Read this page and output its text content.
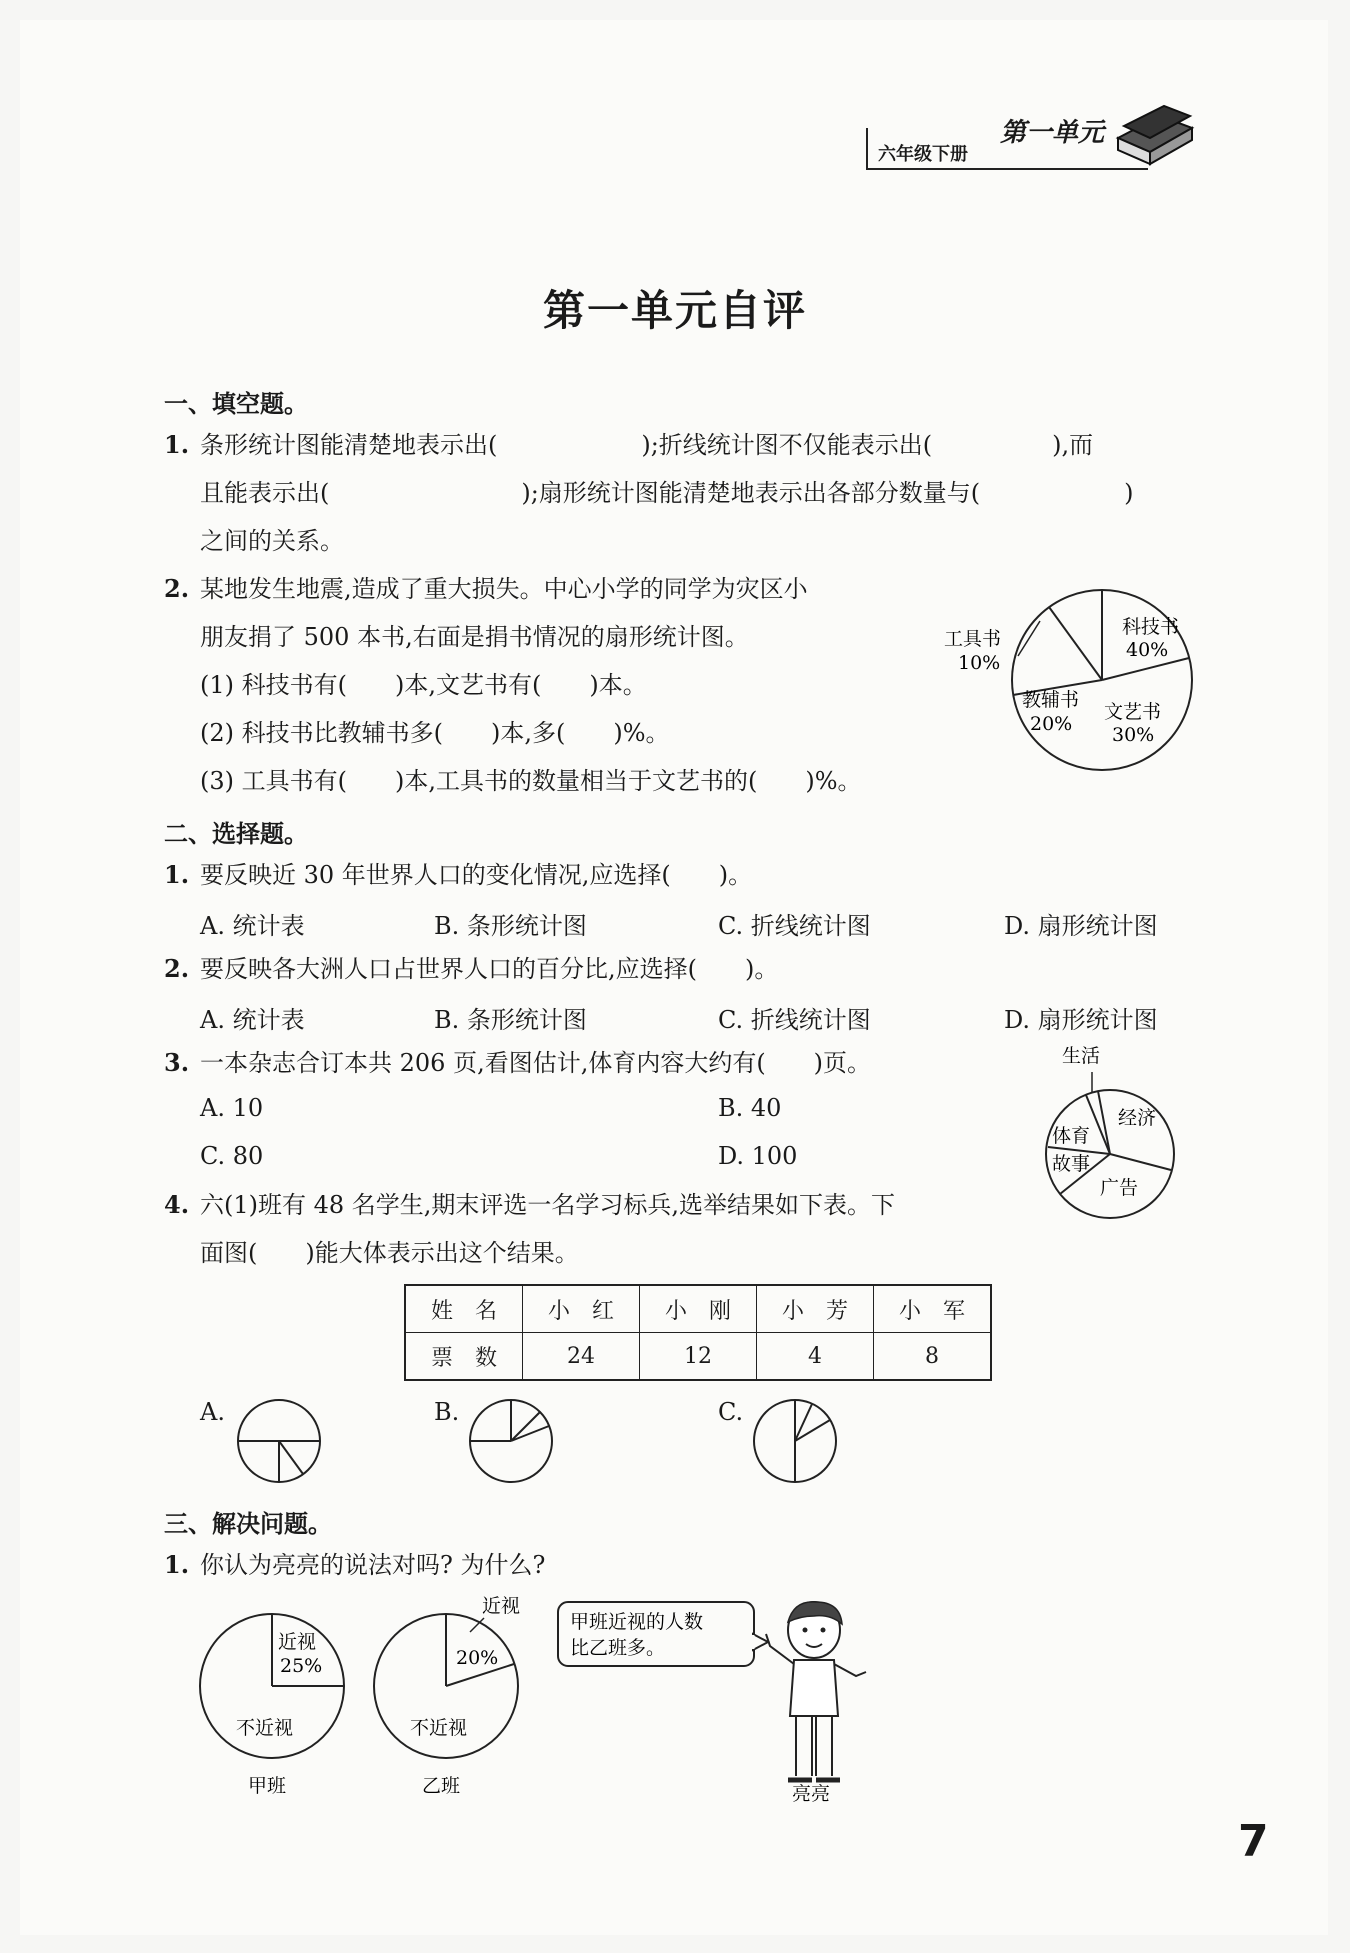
六年级下册
第一单元
第一单元自评
一、填空题。
1. 条形统计图能清楚地表示出(　　　　　　);折线统计图不仅能表示出(　　　　　),而
且能表示出(　　　　　　　　);扇形统计图能清楚地表示出各部分数量与(　　　　　　)
之间的关系。
2. 某地发生地震,造成了重大损失。中心小学的同学为灾区小
朋友捐了 500 本书,右面是捐书情况的扇形统计图。
(1) 科技书有(　　)本,文艺书有(　　)本。
(2) 科技书比教辅书多(　　)本,多(　　)%。
(3) 工具书有(　　)本,工具书的数量相当于文艺书的(　　)%。
科技书
40%
工具书
10%
教辅书
20%
文艺书
30%
二、选择题。
1. 要反映近 30 年世界人口的变化情况,应选择(　　)。
A. 统计表	B. 条形统计图	C. 折线统计图	D. 扇形统计图
2. 要反映各大洲人口占世界人口的百分比,应选择(　　)。
A. 统计表	B. 条形统计图	C. 折线统计图	D. 扇形统计图
3. 一本杂志合订本共 206 页,看图估计,体育内容大约有(　　)页。
A. 10	B. 40
C. 80	D. 100
生活
经济
体育
故事
广告
4. 六(1)班有 48 名学生,期末评选一名学习标兵,选举结果如下表。下
面图(　　)能大体表示出这个结果。
姓　名	小　红	小　刚	小　芳	小　军
票　数	24	12	4	8
A.	B.	C.
三、解决问题。
1. 你认为亮亮的说法对吗? 为什么?
近视
25%
不近视
甲班
近视
20%
不近视
乙班
甲班近视的人数
比乙班多。
亮亮
7
